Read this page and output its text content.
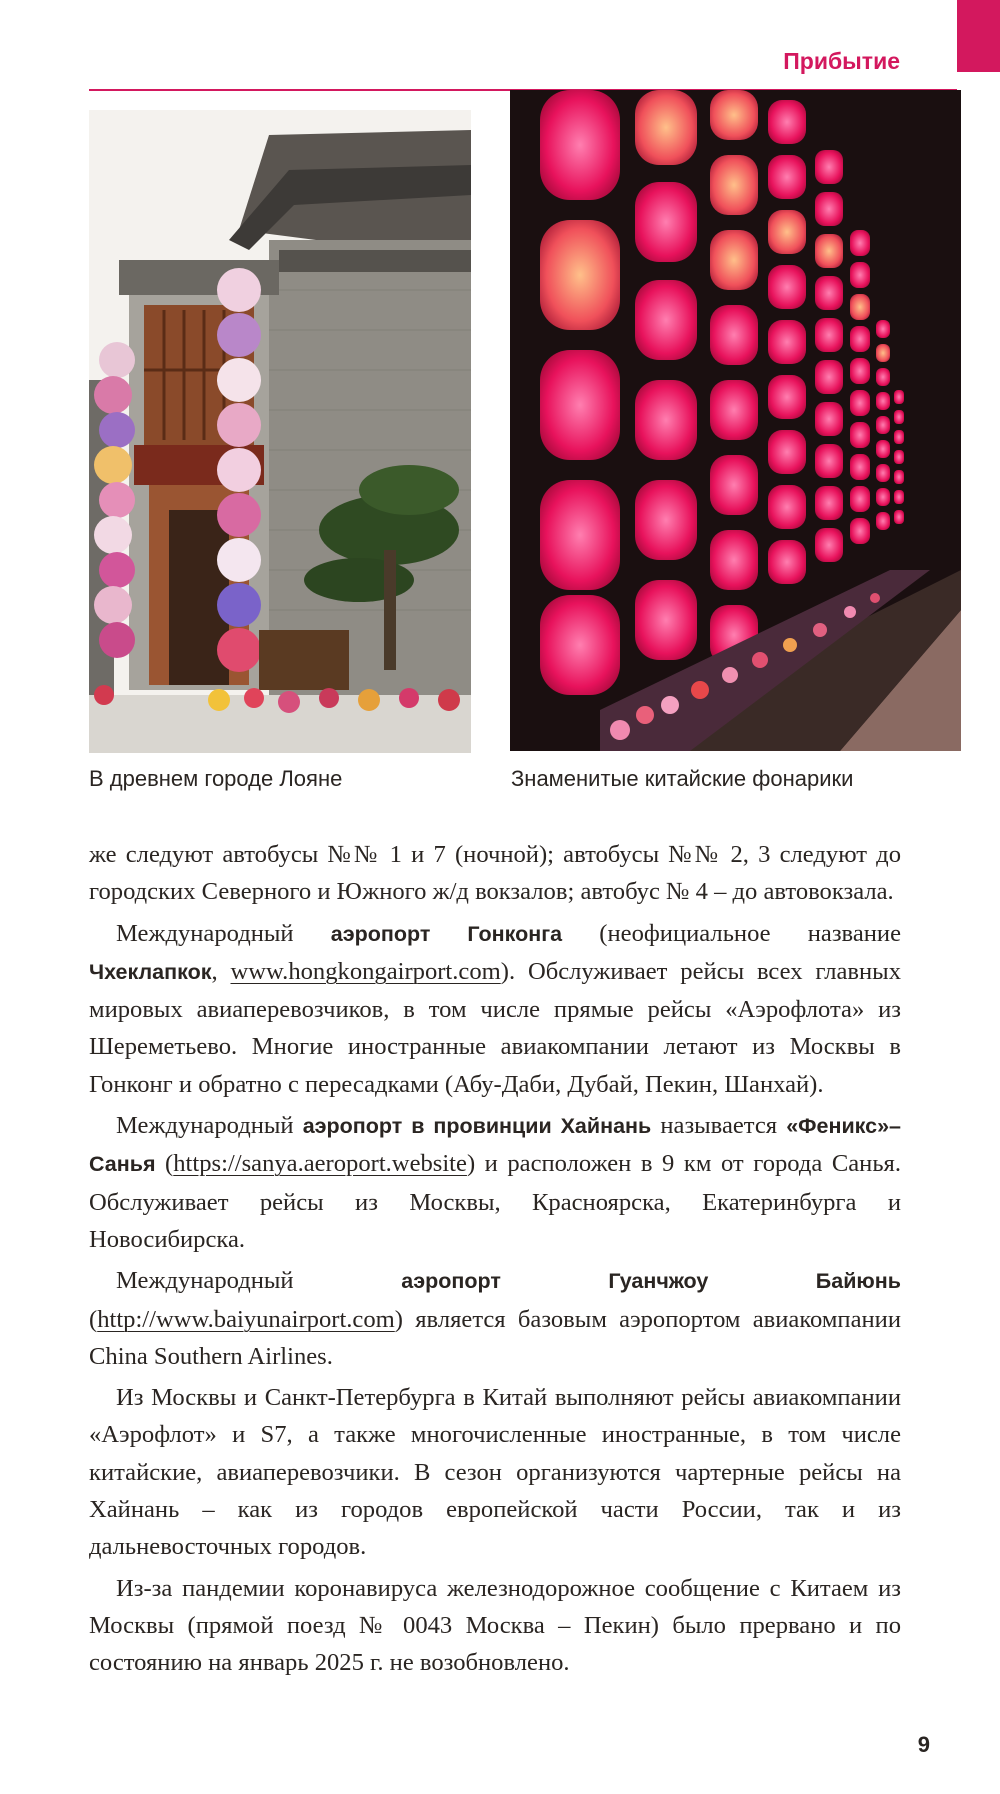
Прибытие
В древнем городе Лояне	Знаменитые китайские фонарики

же следуют автобусы №№ 1 и 7 (ночной); автобусы №№ 2, 3 следуют до городских Северного и Южного ж/д вокзалов; автобус № 4 – до автовокзала.

Международный аэропорт Гонконга (неофициальное название Чхеклапкок, www.hongkongairport.com). Обслуживает рейсы всех главных мировых авиаперевозчиков, в том числе прямые рейсы «Аэрофлота» из Шереметьево. Многие иностранные авиакомпании летают из Москвы в Гонконг и обратно с пересадками (Абу-Даби, Дубай, Пекин, Шанхай).

Международный аэропорт в провинции Хайнань называется «Феникс»–Санья (https://sanya.aeroport.website) и расположен в 9 км от города Санья. Обслуживает рейсы из Москвы, Красноярска, Екатеринбурга и Новосибирска.

Международный аэропорт Гуанчжоу Байюнь (http://www.baiyunairport.com) является базовым аэропортом авиакомпании China Southern Airlines.

Из Москвы и Санкт-Петербурга в Китай выполняют рейсы авиакомпании «Аэрофлот» и S7, а также многочисленные иностранные, в том числе китайские, авиаперевозчики. В сезон организуются чартерные рейсы на Хайнань – как из городов европейской части России, так и из дальневосточных городов.

Из-за пандемии коронавируса железнодорожное сообщение с Китаем из Москвы (прямой поезд № 0043 Москва – Пекин) было прервано и по состоянию на январь 2025 г. не возобновлено.

9
